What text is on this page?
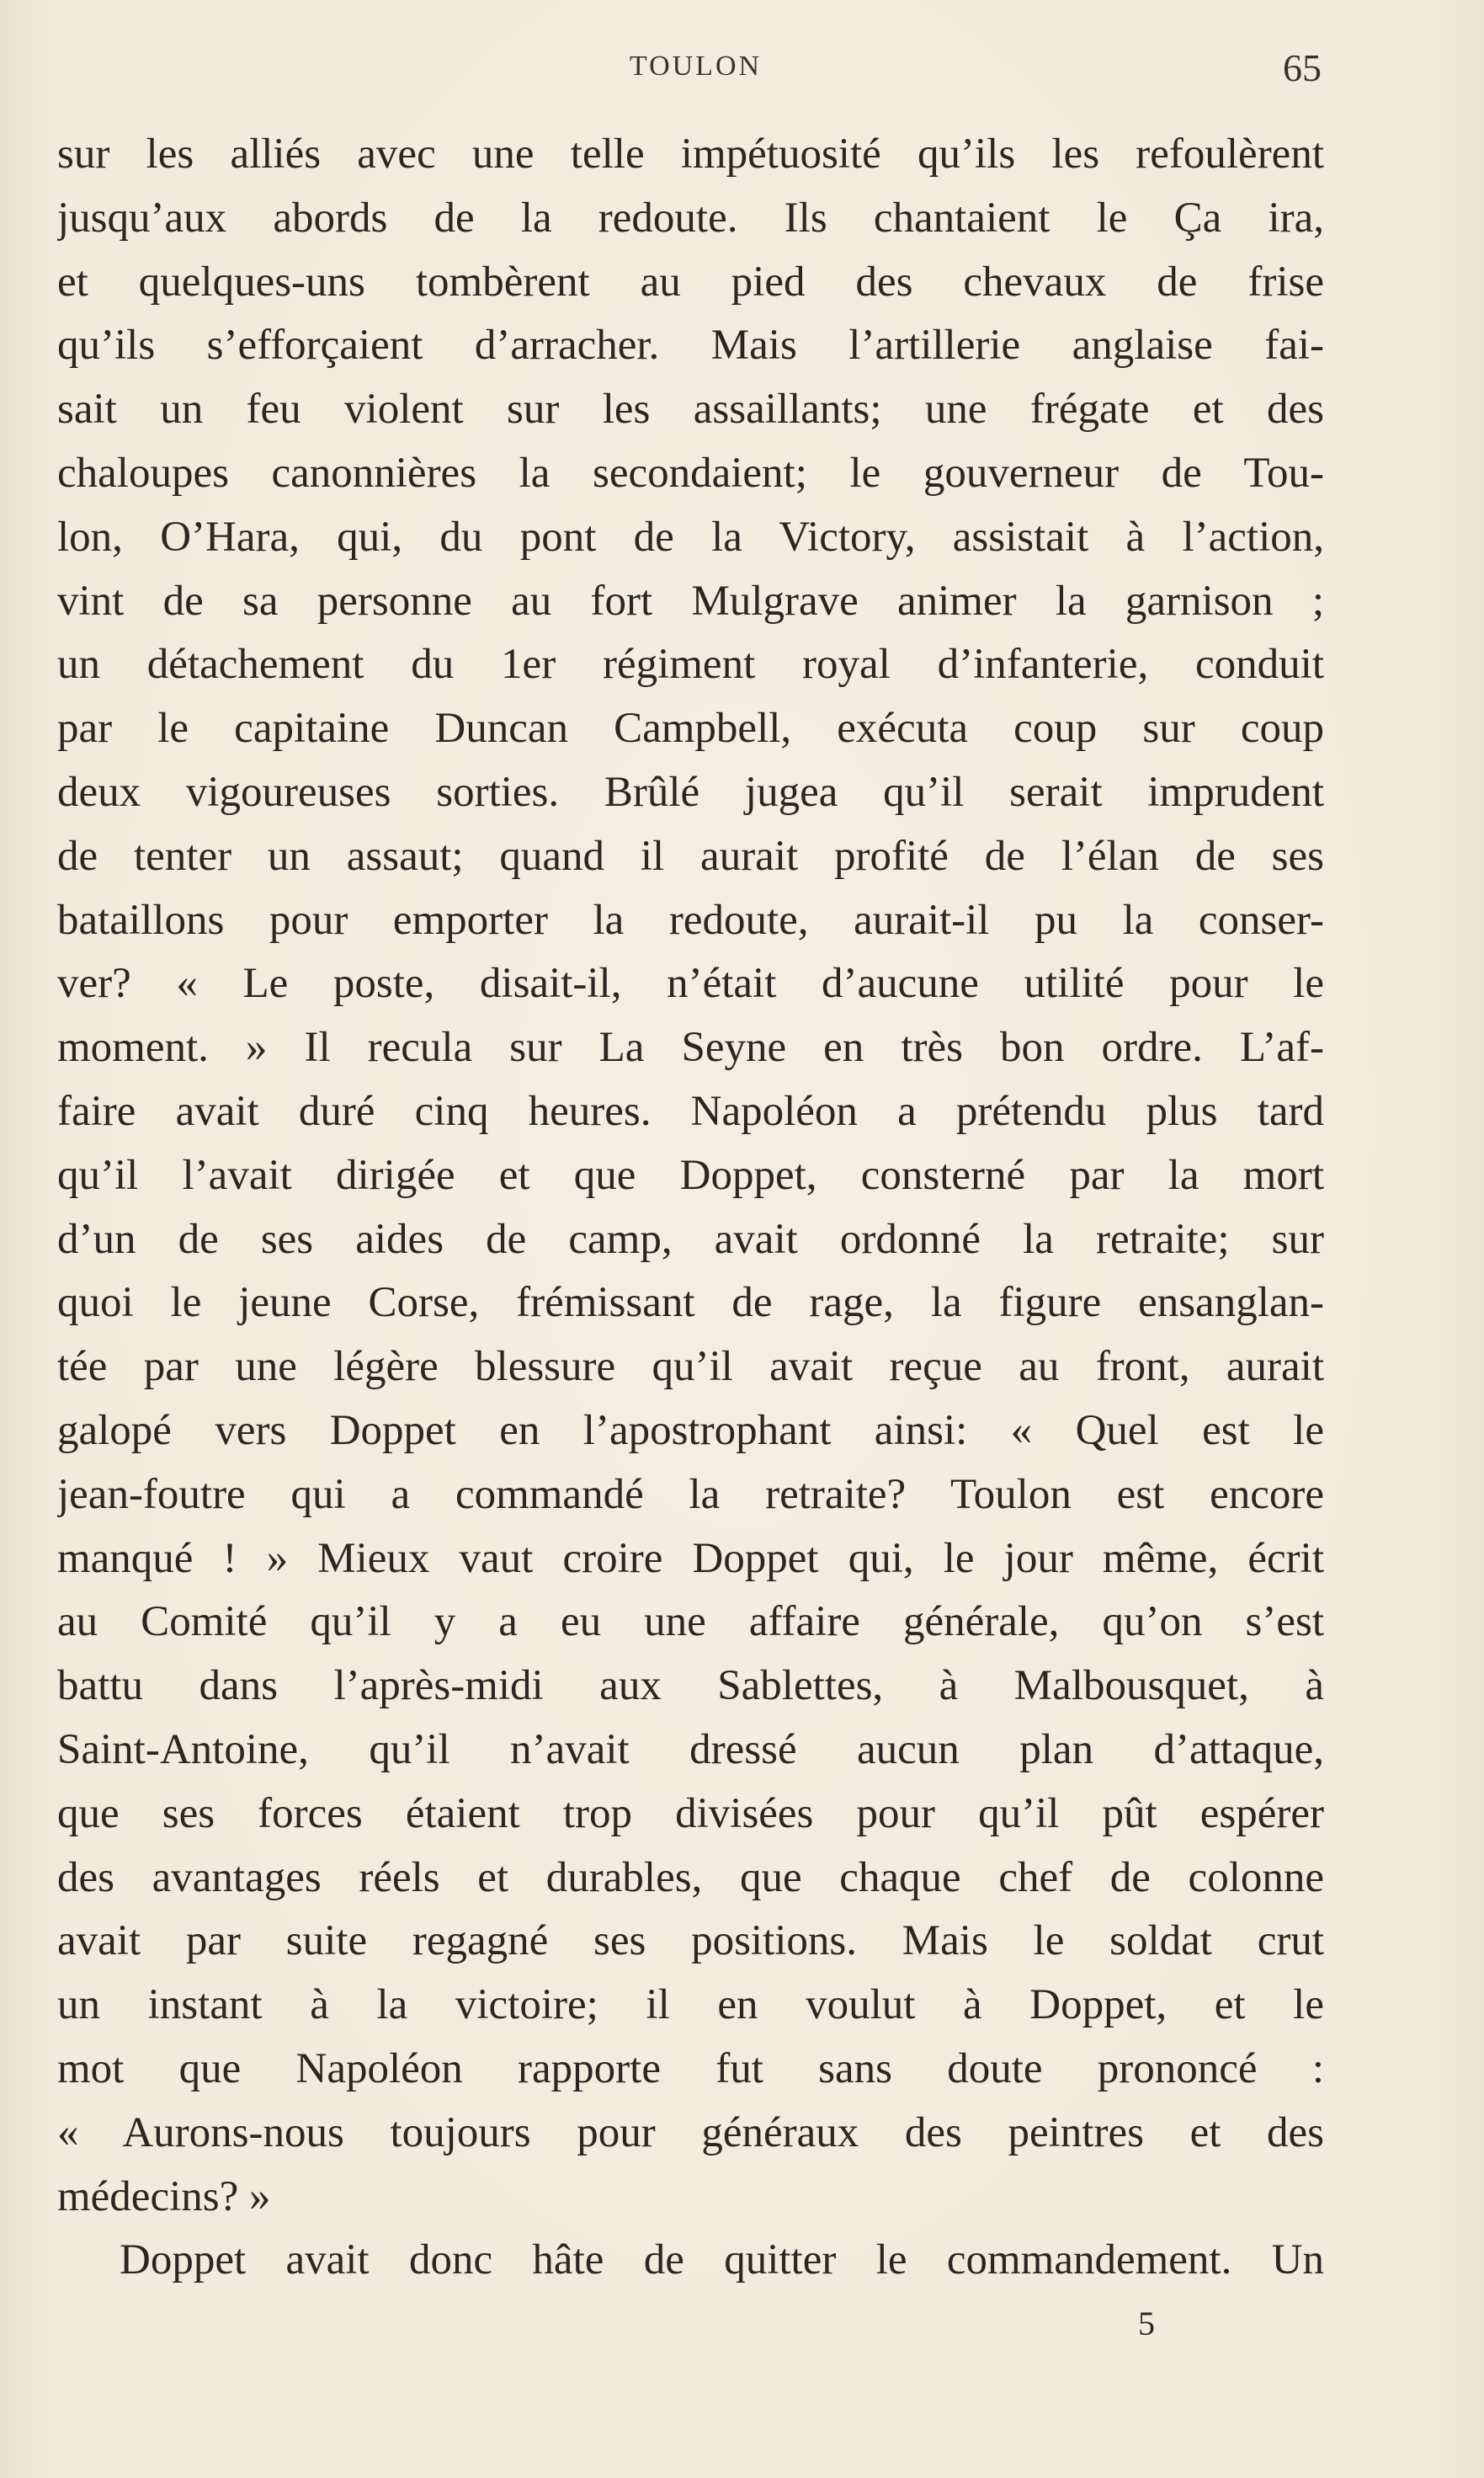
TOULON	65
sur les alliés avec une telle impétuosité qu’ils les refoulèrent
jusqu’aux abords de la redoute. Ils chantaient le Ça ira,
et quelques-uns tombèrent au pied des chevaux de frise
qu’ils s’efforçaient d’arracher. Mais l’artillerie anglaise fai-
sait un feu violent sur les assaillants; une frégate et des
chaloupes canonnières la secondaient; le gouverneur de Tou-
lon, O’Hara, qui, du pont de la Victory, assistait à l’action,
vint de sa personne au fort Mulgrave animer la garnison ;
un détachement du 1er régiment royal d’infanterie, conduit
par le capitaine Duncan Campbell, exécuta coup sur coup
deux vigoureuses sorties. Brûlé jugea qu’il serait imprudent
de tenter un assaut; quand il aurait profité de l’élan de ses
bataillons pour emporter la redoute, aurait-il pu la conser-
ver? « Le poste, disait-il, n’était d’aucune utilité pour le
moment. » Il recula sur La Seyne en très bon ordre. L’af-
faire avait duré cinq heures. Napoléon a prétendu plus tard
qu’il l’avait dirigée et que Doppet, consterné par la mort
d’un de ses aides de camp, avait ordonné la retraite; sur
quoi le jeune Corse, frémissant de rage, la figure ensanglan-
tée par une légère blessure qu’il avait reçue au front, aurait
galopé vers Doppet en l’apostrophant ainsi: « Quel est le
jean-foutre qui a commandé la retraite? Toulon est encore
manqué ! » Mieux vaut croire Doppet qui, le jour même, écrit
au Comité qu’il y a eu une affaire générale, qu’on s’est
battu dans l’après-midi aux Sablettes, à Malbousquet, à
Saint-Antoine, qu’il n’avait dressé aucun plan d’attaque,
que ses forces étaient trop divisées pour qu’il pût espérer
des avantages réels et durables, que chaque chef de colonne
avait par suite regagné ses positions. Mais le soldat crut
un instant à la victoire; il en voulut à Doppet, et le
mot que Napoléon rapporte fut sans doute prononcé :
« Aurons-nous toujours pour généraux des peintres et des
médecins? »
Doppet avait donc hâte de quitter le commandement. Un
5
